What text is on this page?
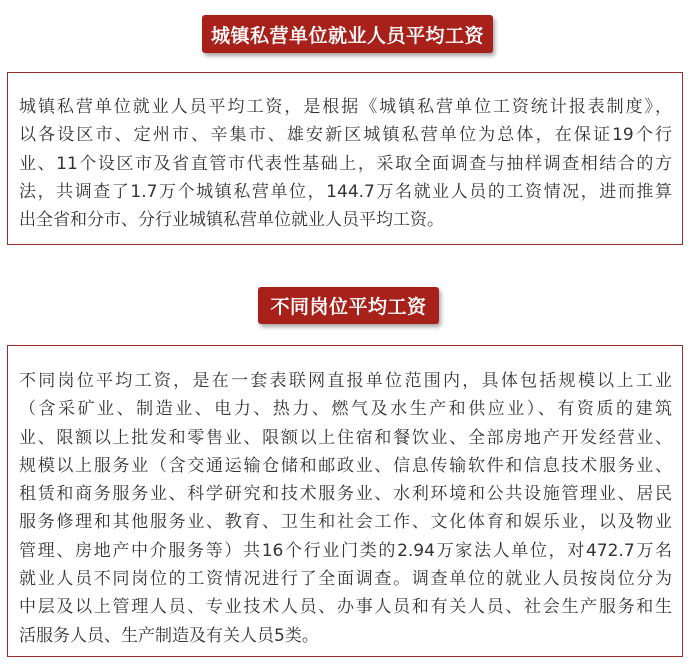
城镇私营单位就业人员平均工资
城镇私营单位就业人员平均工资，是根据《城镇私营单位工资统计报表制度》，
以各设区市、定州市、辛集市、雄安新区城镇私营单位为总体，在保证19个行
业、11个设区市及省直管市代表性基础上，采取全面调查与抽样调查相结合的方
法，共调查了1.7万个城镇私营单位，144.7万名就业人员的工资情况，进而推算
出全省和分市、分行业城镇私营单位就业人员平均工资。
不同岗位平均工资
不同岗位平均工资，是在一套表联网直报单位范围内，具体包括规模以上工业
（含采矿业、制造业、电力、热力、燃气及水生产和供应业）、有资质的建筑
业、限额以上批发和零售业、限额以上住宿和餐饮业、全部房地产开发经营业、
规模以上服务业（含交通运输仓储和邮政业、信息传输软件和信息技术服务业、
租赁和商务服务业、科学研究和技术服务业、水利环境和公共设施管理业、居民
服务修理和其他服务业、教育、卫生和社会工作、文化体育和娱乐业，以及物业
管理、房地产中介服务等）共16个行业门类的2.94万家法人单位，对472.7万名
就业人员不同岗位的工资情况进行了全面调查。调查单位的就业人员按岗位分为
中层及以上管理人员、专业技术人员、办事人员和有关人员、社会生产服务和生
活服务人员、生产制造及有关人员5类。
